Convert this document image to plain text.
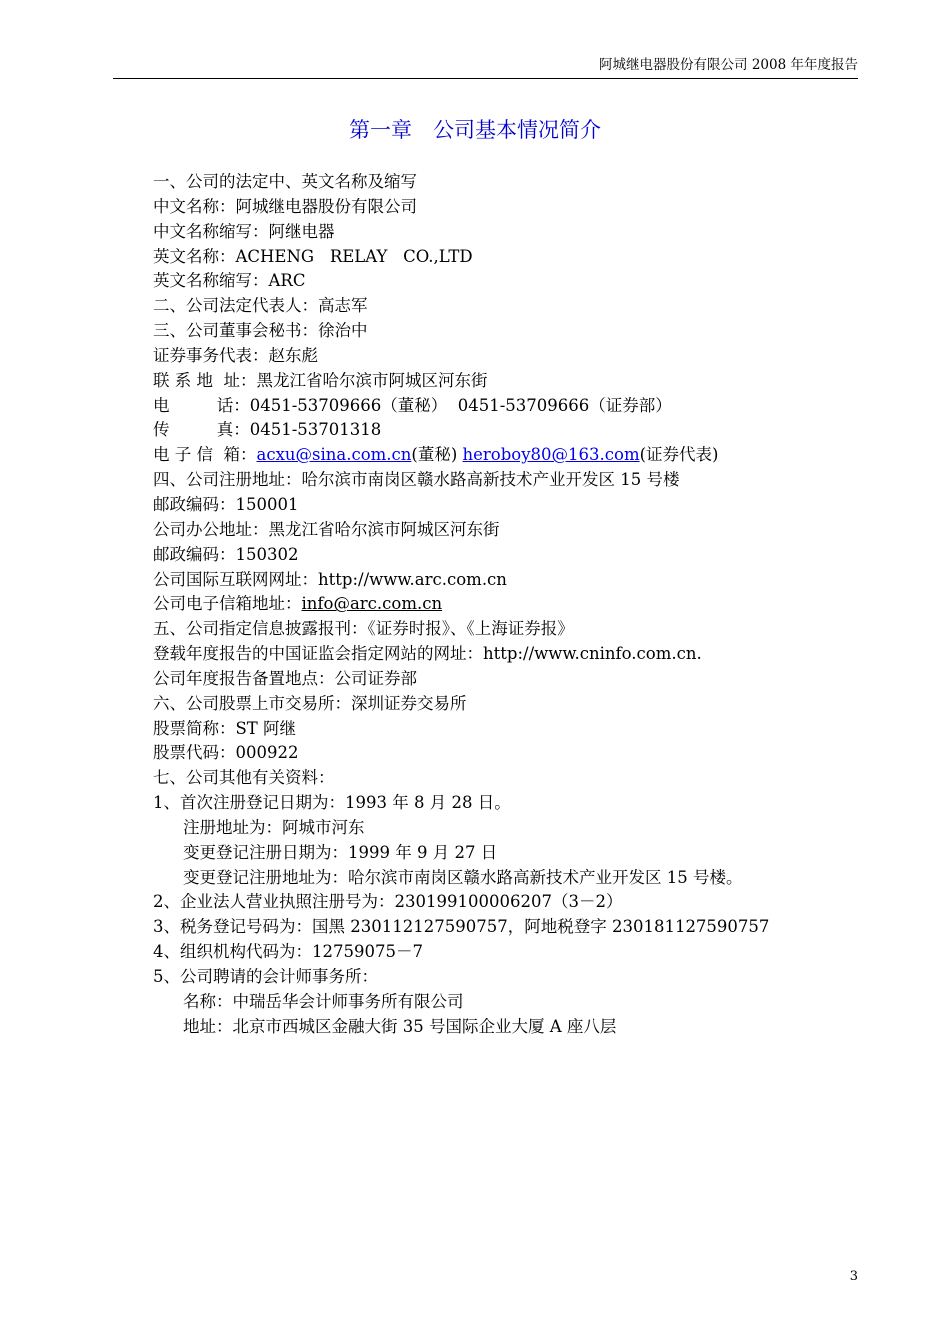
阿城继电器股份有限公司 2008 年年度报告
第一章　公司基本情况简介
一、公司的法定中、英文名称及缩写
中文名称：阿城继电器股份有限公司
中文名称缩写：阿继电器
英文名称：ACHENG   RELAY   CO.,LTD
英文名称缩写：ARC
二、公司法定代表人：高志军
三、公司董事会秘书：徐治中
证券事务代表：赵东彪
联 系 地  址：黑龙江省哈尔滨市阿城区河东街
电         话：0451-53709666（董秘）  0451-53709666（证券部）
传         真：0451-53701318
电 子 信  箱：acxu@sina.com.cn(董秘) heroboy80@163.com(证券代表)
四、公司注册地址：哈尔滨市南岗区赣水路高新技术产业开发区 15 号楼
邮政编码：150001
公司办公地址：黑龙江省哈尔滨市阿城区河东街
邮政编码：150302
公司国际互联网网址：http://www.arc.com.cn
公司电子信箱地址：info@arc.com.cn
五、公司指定信息披露报刊：《证券时报》、《上海证券报》
登载年度报告的中国证监会指定网站的网址：http://www.cninfo.com.cn.
公司年度报告备置地点：公司证券部
六、公司股票上市交易所：深圳证券交易所
股票简称：ST 阿继
股票代码：000922
七、公司其他有关资料：
1、首次注册登记日期为：1993 年 8 月 28 日。
注册地址为：阿城市河东
变更登记注册日期为：1999 年 9 月 27 日
变更登记注册地址为：哈尔滨市南岗区赣水路高新技术产业开发区 15 号楼。
2、企业法人营业执照注册号为：230199100006207（3－2）
3、税务登记号码为：国黑 230112127590757，阿地税登字 230181127590757
4、组织机构代码为：12759075－7
5、公司聘请的会计师事务所：
名称：中瑞岳华会计师事务所有限公司
地址：北京市西城区金融大街 35 号国际企业大厦 A 座八层
3
